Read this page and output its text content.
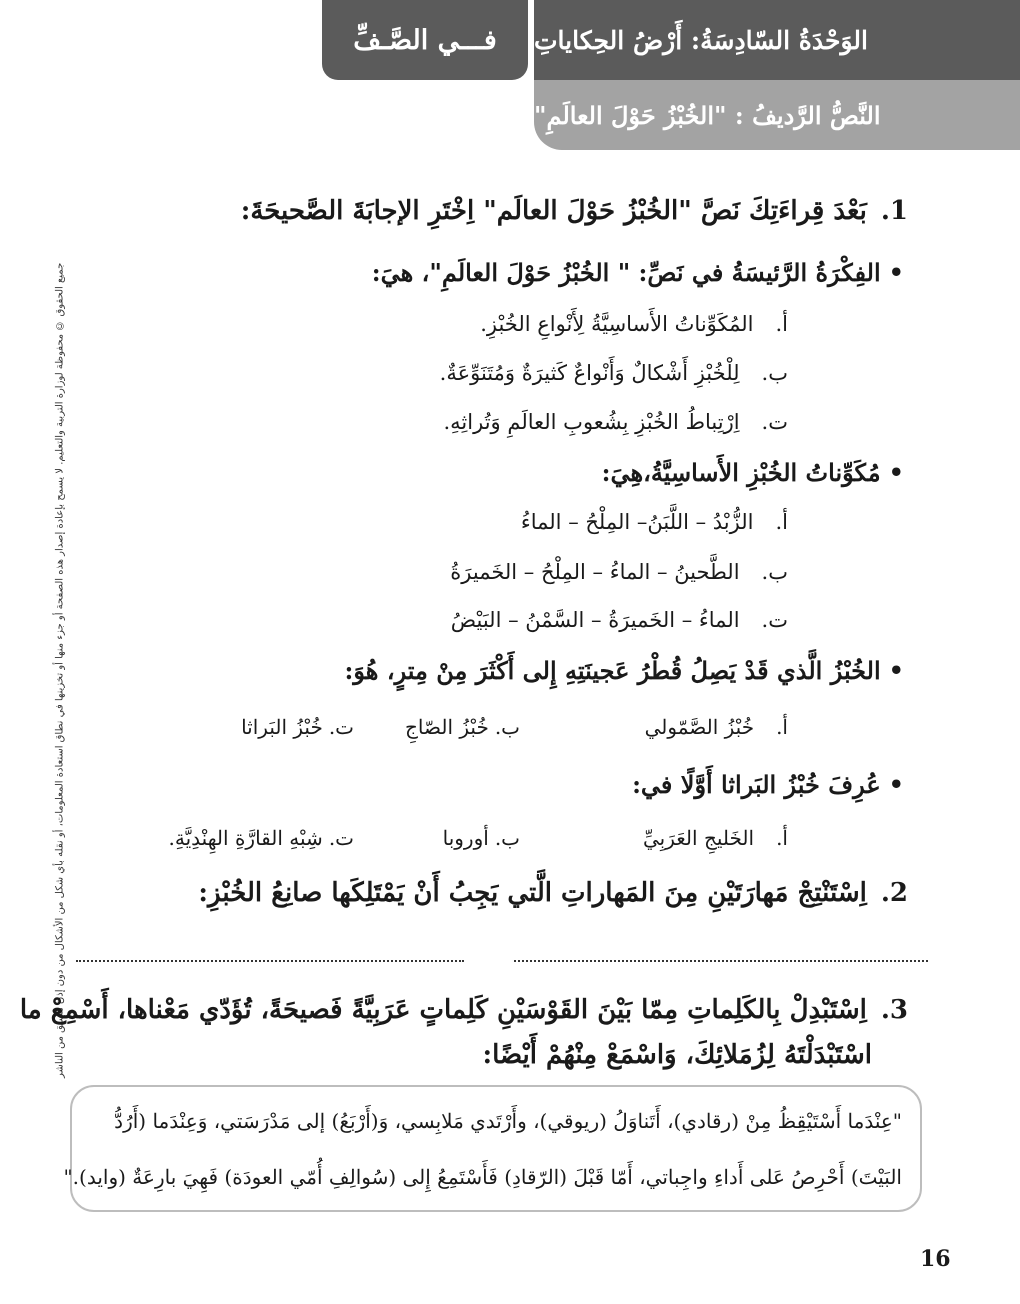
فـــي الصَّـفِّ	الوَحْدَةُ السّادِسَةُ: أَرْضُ الحِكاياتِ
النَّصُّ الرَّديفُ : "الخُبْزُ حَوْلَ العالَمِ"
جميع الحقوق © محفوظة لوزارة التربية والتعليم. لا يسمح بإعادة إصدار هذه الصفحة أو جزء منها أو تخزينها في نطاق استعادة المعلومات، أو نقله بأي شكل من الأشكال من دون إذن مسبق من الناشر
1.بَعْدَ قِراءَتِكَ نَصَّ "الخُبْزُ حَوْلَ العالَم" اِخْتَرِ الإجابَةَ الصَّحيحَةَ:
•الفِكْرَةُ الرَّئيسَةُ في نَصِّ: " الخُبْزُ حَوْلَ العالَمِ"، هيَ:
أ.المُكَوِّناتُ الأَساسِيَّةُ لِأَنْواعِ الخُبْزِ.
ب.لِلْخُبْزِ أَشْكالٌ وَأَنْواعٌ كَثيرَةٌ وَمُتَنَوِّعَةٌ.
ت.اِرْتِباطُ الخُبْزِ بِشُعوبِ العالَمِ وَتُراثِهِ.
•مُكَوِّناتُ الخُبْزِ الأَساسِيَّةُ،هِيَ:
أ.الزُّبْدُ – اللَّبَنُ– المِلْحُ – الماءُ
ب.الطَّحينُ – الماءُ – المِلْحُ – الخَميرَةُ
ت.الماءُ – الخَميرَةُ – السَّمْنُ – البَيْضُ
•الخُبْزُ الَّذي قَدْ يَصِلُ قُطْرُ عَجينَتِهِ إِلى أَكْثَرَ مِنْ مِترٍ، هُوَ:
أ.خُبْزُ الصَّمّولي
ب.خُبْزُ الصّاجِ
ت.خُبْزُ البَراثا
•عُرِفَ خُبْزُ البَراثا أَوَّلًا في:
أ.الخَليجِ العَرَبِيِّ
ب.أوروبا
ت.شِبْهِ القارَّةِ الهِنْدِيَّةِ.
2.اِسْتَنْتِجْ مَهارَتَيْنِ مِنَ المَهاراتِ الَّتي يَجِبُ أَنْ يَمْتَلِكَها صانِعُ الخُبْزِ:
3.اِسْتَبْدِلْ بِالكَلِماتِ مِمّا بَيْنَ القَوْسَيْنِ كَلِماتٍ عَرَبِيَّةً فَصيحَةً، تُؤَدّي مَعْناها، أَسْمِعْ ما
اسْتَبْدَلْتَهُ لِزُمَلائِكَ، وَاسْمَعْ مِنْهُمْ أَيْضًا:
"عِنْدَما أَسْتَيْقِظُ مِنْ (رقادي)، أَتَناوَلُ (ريوقي)، وأَرْتَدي مَلابِسي، وَ(أَرْبَعُ) إلى مَدْرَسَتي، وَعِنْدَما (أَرُدُّ
البَيْتَ) أَحْرِصُ عَلى أَداءِ واجِباتي، أَمّا قَبْلَ (الرّقادِ) فَأَسْتَمِعُ إِلى (سُوالِفِ أُمّي العودَة) فَهِيَ بارِعَةٌ (وايد)."
16
